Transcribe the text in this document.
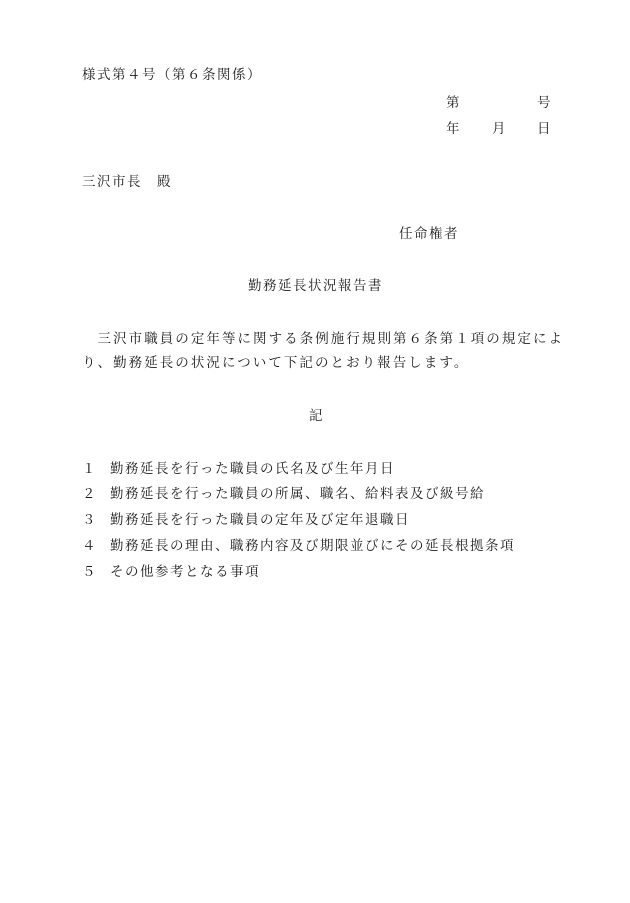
様式第４号（第６条関係）
第	号
年 月 日
三沢市長　殿
任命権者
勤務延長状況報告書
　三沢市職員の定年等に関する条例施行規則第６条第１項の規定によ
り、勤務延長の状況について下記のとおり報告します。
記
１ 勤務延長を行った職員の氏名及び生年月日
２ 勤務延長を行った職員の所属、職名、給料表及び級号給
３ 勤務延長を行った職員の定年及び定年退職日
４ 勤務延長の理由、職務内容及び期限並びにその延長根拠条項
５ その他参考となる事項
